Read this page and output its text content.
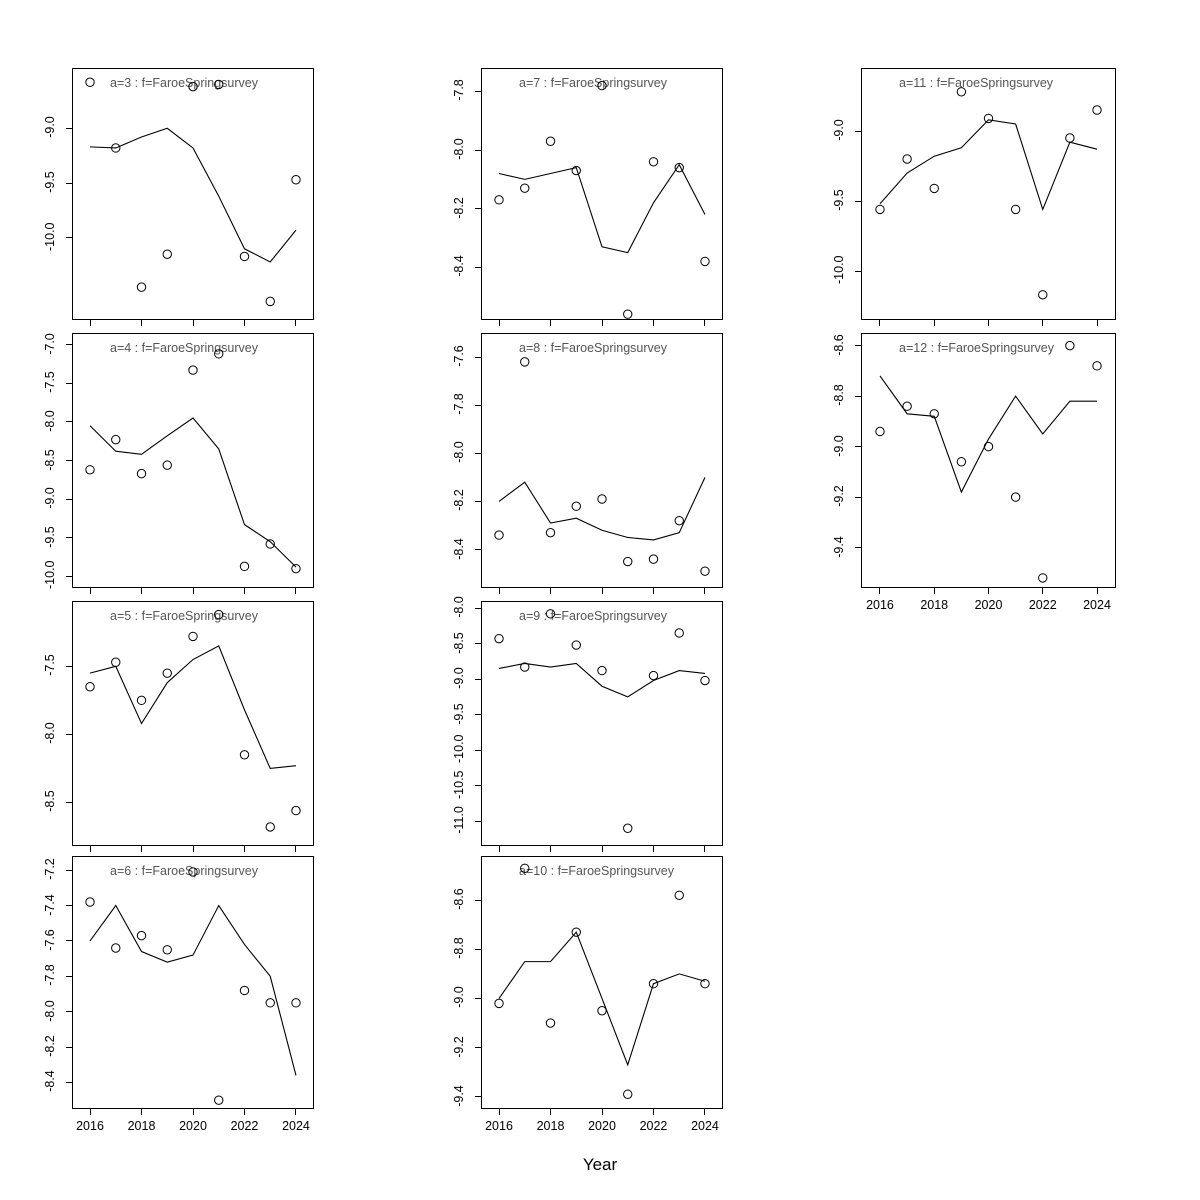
a=3 : f=FaroeSpringsurvey
-9.0
-9.5
-10.0
a=4 : f=FaroeSpringsurvey
-7.0
-7.5
-8.0
-8.5
-9.0
-9.5
-10.0
a=5 : f=FaroeSpringsurvey
-7.5
-8.0
-8.5
a=6 : f=FaroeSpringsurvey
-7.2
-7.4
-7.6
-7.8
-8.0
-8.2
-8.4
2016	2018	2020	2022	2024
a=7 : f=FaroeSpringsurvey
-7.8
-8.0
-8.2
-8.4
a=8 : f=FaroeSpringsurvey
-7.6
-7.8
-8.0
-8.2
-8.4
a=9 : f=FaroeSpringsurvey
-8.0
-8.5
-9.0
-9.5
-10.0
-10.5
-11.0
a=10 : f=FaroeSpringsurvey
-8.6
-8.8
-9.0
-9.2
-9.4
2016	2018	2020	2022	2024
a=11 : f=FaroeSpringsurvey
-9.0
-9.5
-10.0
a=12 : f=FaroeSpringsurvey
-8.6
-8.8
-9.0
-9.2
-9.4
2016	2018	2020	2022	2024
Year
